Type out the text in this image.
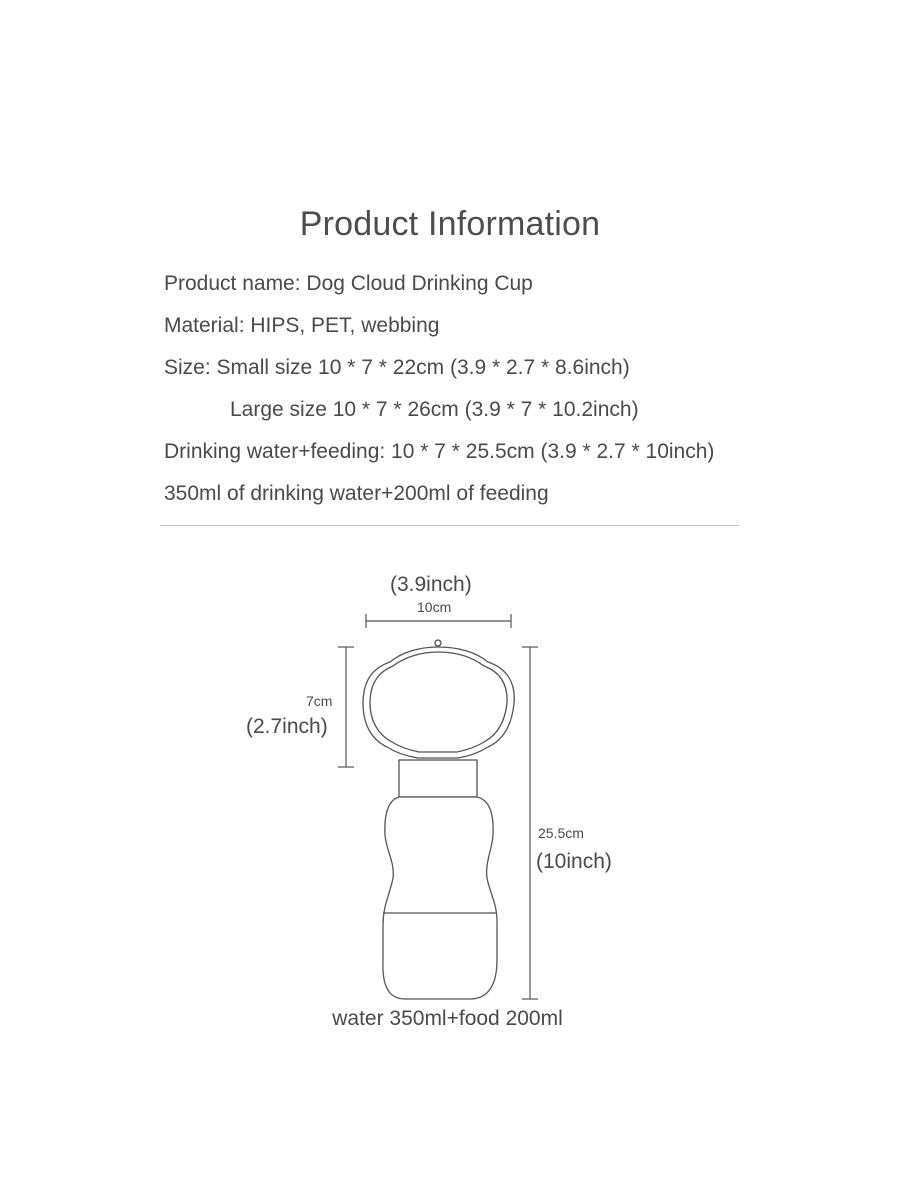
Product Information
Product name: Dog Cloud Drinking Cup
Material: HIPS, PET, webbing
Size: Small size 10 * 7 * 22cm (3.9 * 2.7 * 8.6inch)
Large size 10 * 7 * 26cm (3.9 * 7 * 10.2inch)
Drinking water+feeding: 10 * 7 * 25.5cm (3.9 * 2.7 * 10inch)
350ml of drinking water+200ml of feeding
(3.9inch)
10cm
7cm
(2.7inch)
25.5cm
(10inch)
water 350ml+food 200ml
